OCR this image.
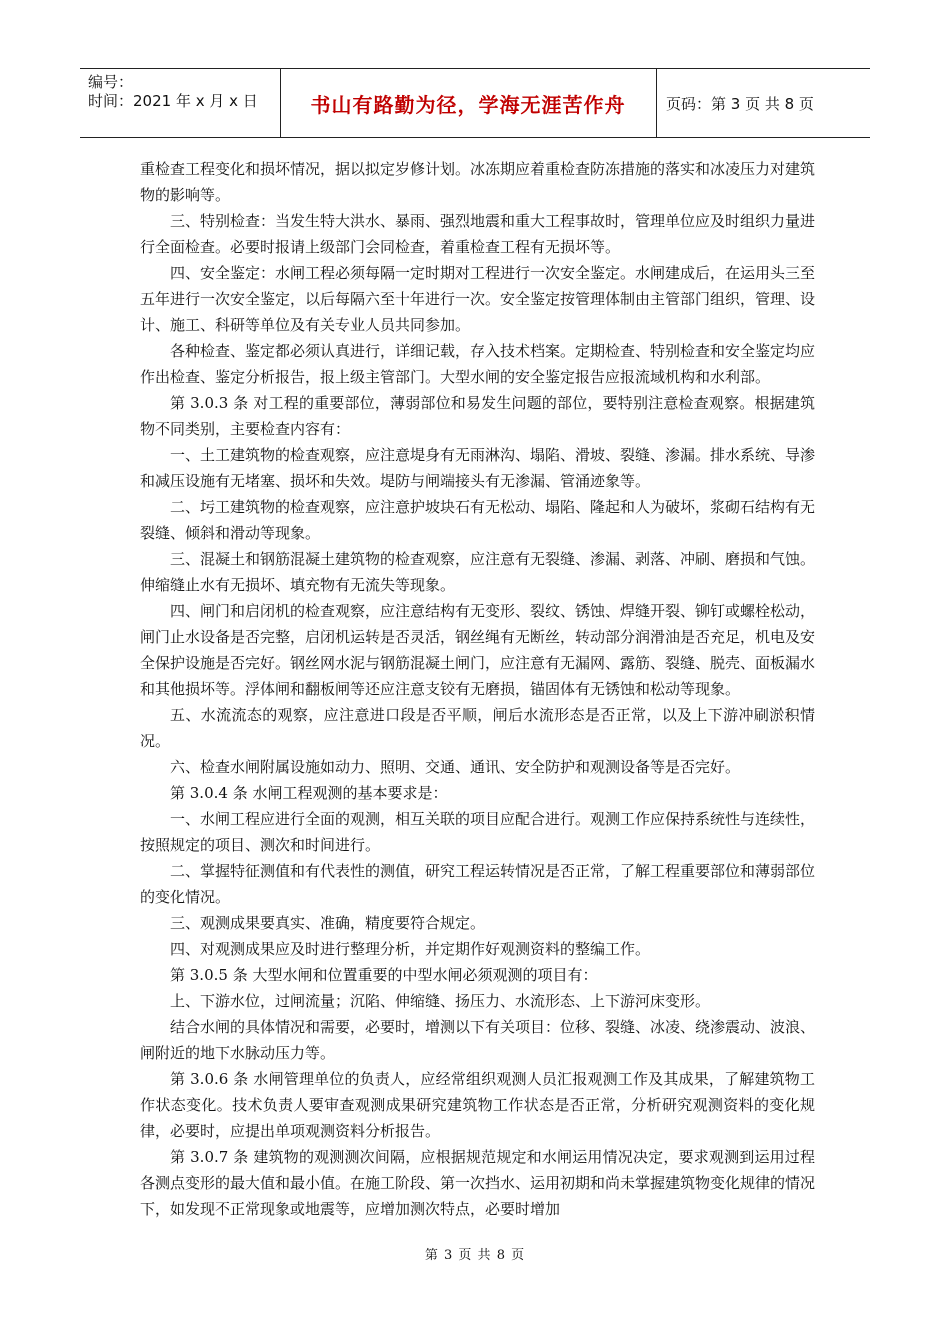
编号：
时间：2021 年 x 月 x 日	书山有路勤为径，学海无涯苦作舟	页码：第 3 页 共 8 页

重检查工程变化和损坏情况，据以拟定岁修计划。冰冻期应着重检查防冻措施的落实和冰凌压力对建筑物的影响等。

三、特别检查：当发生特大洪水、暴雨、强烈地震和重大工程事故时，管理单位应及时组织力量进行全面检查。必要时报请上级部门会同检查，着重检查工程有无损坏等。

四、安全鉴定：水闸工程必须每隔一定时期对工程进行一次安全鉴定。水闸建成后，在运用头三至五年进行一次安全鉴定，以后每隔六至十年进行一次。安全鉴定按管理体制由主管部门组织，管理、设计、施工、科研等单位及有关专业人员共同参加。

各种检查、鉴定都必须认真进行，详细记载，存入技术档案。定期检查、特别检查和安全鉴定均应作出检查、鉴定分析报告，报上级主管部门。大型水闸的安全鉴定报告应报流域机构和水利部。

第 3.0.3 条 对工程的重要部位，薄弱部位和易发生问题的部位，要特别注意检查观察。根据建筑物不同类别，主要检查内容有：

一、土工建筑物的检查观察，应注意堤身有无雨淋沟、塌陷、滑坡、裂缝、渗漏。排水系统、导渗和减压设施有无堵塞、损坏和失效。堤防与闸端接头有无渗漏、管涌迹象等。

二、圬工建筑物的检查观察，应注意护坡块石有无松动、塌陷、隆起和人为破坏，浆砌石结构有无裂缝、倾斜和滑动等现象。

三、混凝土和钢筋混凝土建筑物的检查观察，应注意有无裂缝、渗漏、剥落、冲刷、磨损和气蚀。伸缩缝止水有无损坏、填充物有无流失等现象。

四、闸门和启闭机的检查观察，应注意结构有无变形、裂纹、锈蚀、焊缝开裂、铆钉或螺栓松动，闸门止水设备是否完整，启闭机运转是否灵活，钢丝绳有无断丝，转动部分润滑油是否充足，机电及安全保护设施是否完好。钢丝网水泥与钢筋混凝土闸门，应注意有无漏网、露筋、裂缝、脱壳、面板漏水和其他损坏等。浮体闸和翻板闸等还应注意支铰有无磨损，锚固体有无锈蚀和松动等现象。

五、水流流态的观察，应注意进口段是否平顺，闸后水流形态是否正常，以及上下游冲刷淤积情况。

六、检查水闸附属设施如动力、照明、交通、通讯、安全防护和观测设备等是否完好。

第 3.0.4 条 水闸工程观测的基本要求是：

一、水闸工程应进行全面的观测，相互关联的项目应配合进行。观测工作应保持系统性与连续性，按照规定的项目、测次和时间进行。

二、掌握特征测值和有代表性的测值，研究工程运转情况是否正常，了解工程重要部位和薄弱部位的变化情况。

三、观测成果要真实、准确，精度要符合规定。

四、对观测成果应及时进行整理分析，并定期作好观测资料的整编工作。

第 3.0.5 条 大型水闸和位置重要的中型水闸必须观测的项目有：

上、下游水位，过闸流量；沉陷、伸缩缝、扬压力、水流形态、上下游河床变形。

结合水闸的具体情况和需要，必要时，增测以下有关项目：位移、裂缝、冰凌、绕渗震动、波浪、闸附近的地下水脉动压力等。

第 3.0.6 条 水闸管理单位的负责人，应经常组织观测人员汇报观测工作及其成果，了解建筑物工作状态变化。技术负责人要审查观测成果研究建筑物工作状态是否正常，分析研究观测资料的变化规律，必要时，应提出单项观测资料分析报告。

第 3.0.7 条 建筑物的观测测次间隔，应根据规范规定和水闸运用情况决定，要求观测到运用过程各测点变形的最大值和最小值。在施工阶段、第一次挡水、运用初期和尚未掌握建筑物变化规律的情况下，如发现不正常现象或地震等，应增加测次特点，必要时增加

第 3 页 共 8 页
